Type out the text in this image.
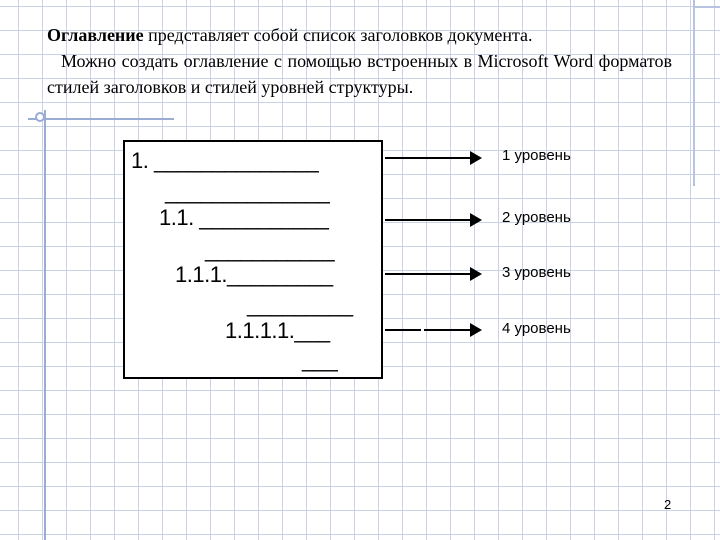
Оглавление представляет собой список заголовков документа.

Можно создать оглавление с помощью встроенных в Microsoft Word форматов стилей заголовков и стилей уровней структуры.

1. ______________
______________
1.1. ___________
___________
1.1.1._________
_________
1.1.1.1.___
___
1 уровень
2 уровень
3 уровень
4 уровень
2
